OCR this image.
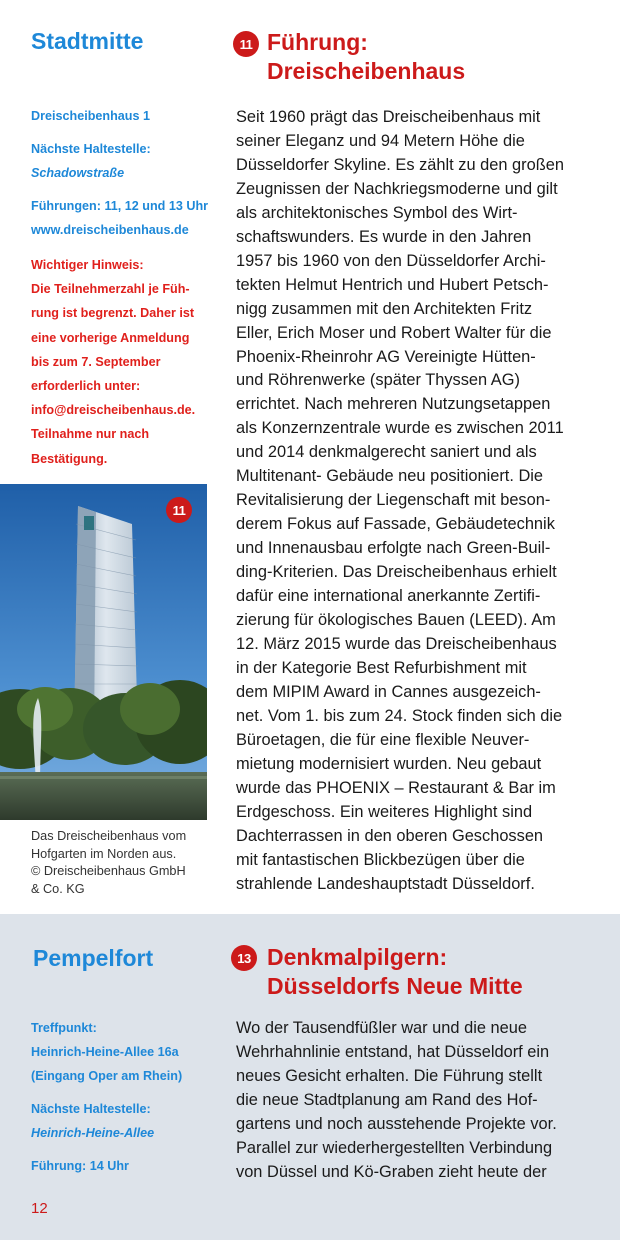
Stadtmitte

Dreischeibenhaus 1

Nächste Haltestelle:

Schadowstraße

Führungen: 11, 12 und 13 Uhr

www.dreischeibenhaus.de

Wichtiger Hinweis:

Die Teilnehmerzahl je Füh-

rung ist begrenzt. Daher ist

eine vorherige Anmeldung

bis zum 7. September

erforderlich unter:

info@dreischeibenhaus.de.

Teilnahme nur nach

Bestätigung.

11 Führung:
Dreischeibenhaus
Seit 1960 prägt das Dreischeibenhaus mit
seiner Eleganz und 94 Metern Höhe die
Düsseldorfer Skyline. Es zählt zu den großen
Zeugnissen der Nachkriegsmoderne und gilt
als architektonisches Symbol des Wirt-
schaftswunders. Es wurde in den Jahren
1957 bis 1960 von den Düsseldorfer Archi-
tekten Helmut Hentrich und Hubert Petsch-
nigg zusammen mit den Architekten Fritz
Eller, Erich Moser und Robert Walter für die
Phoenix-Rheinrohr AG Vereinigte Hütten-
und Röhrenwerke (später Thyssen AG)
errichtet. Nach mehreren Nutzungsetappen
als Konzernzentrale wurde es zwischen 2011
und 2014 denkmalgerecht saniert und als
Multitenant- Gebäude neu positioniert. Die
Revitalisierung der Liegenschaft mit beson-
derem Fokus auf Fassade, Gebäudetechnik
und Innenausbau erfolgte nach Green-Buil-
ding-Kriterien. Das Dreischeibenhaus erhielt
dafür eine international anerkannte Zertifi-
zierung für ökologisches Bauen (LEED). Am
12. März 2015 wurde das Dreischeibenhaus
in der Kategorie Best Refurbishment mit
dem MIPIM Award in Cannes ausgezeich-
net. Vom 1. bis zum 24. Stock finden sich die
Büroetagen, die für eine flexible Neuver-
mietung modernisiert wurden. Neu gebaut
wurde das PHOENIX – Restaurant & Bar im
Erdgeschoss. Ein weiteres Highlight sind
Dachterrassen in den oberen Geschossen
mit fantastischen Blickbezügen über die
strahlende Landeshauptstadt Düsseldorf.
11
Das Dreischeibenhaus vom
Hofgarten im Norden aus.
© Dreischeibenhaus GmbH
& Co. KG
Pempelfort

Treffpunkt:

Heinrich-Heine-Allee 16a

(Eingang Oper am Rhein)

Nächste Haltestelle:

Heinrich-Heine-Allee

Führung: 14 Uhr

13 Denkmalpilgern:
Düsseldorfs Neue Mitte
Wo der Tausendfüßler war und die neue
Wehrhahnlinie entstand, hat Düsseldorf ein
neues Gesicht erhalten. Die Führung stellt
die neue Stadtplanung am Rand des Hof-
gartens und noch ausstehende Projekte vor.
Parallel zur wiederhergestellten Verbindung
von Düssel und Kö-Graben zieht heute der
12
